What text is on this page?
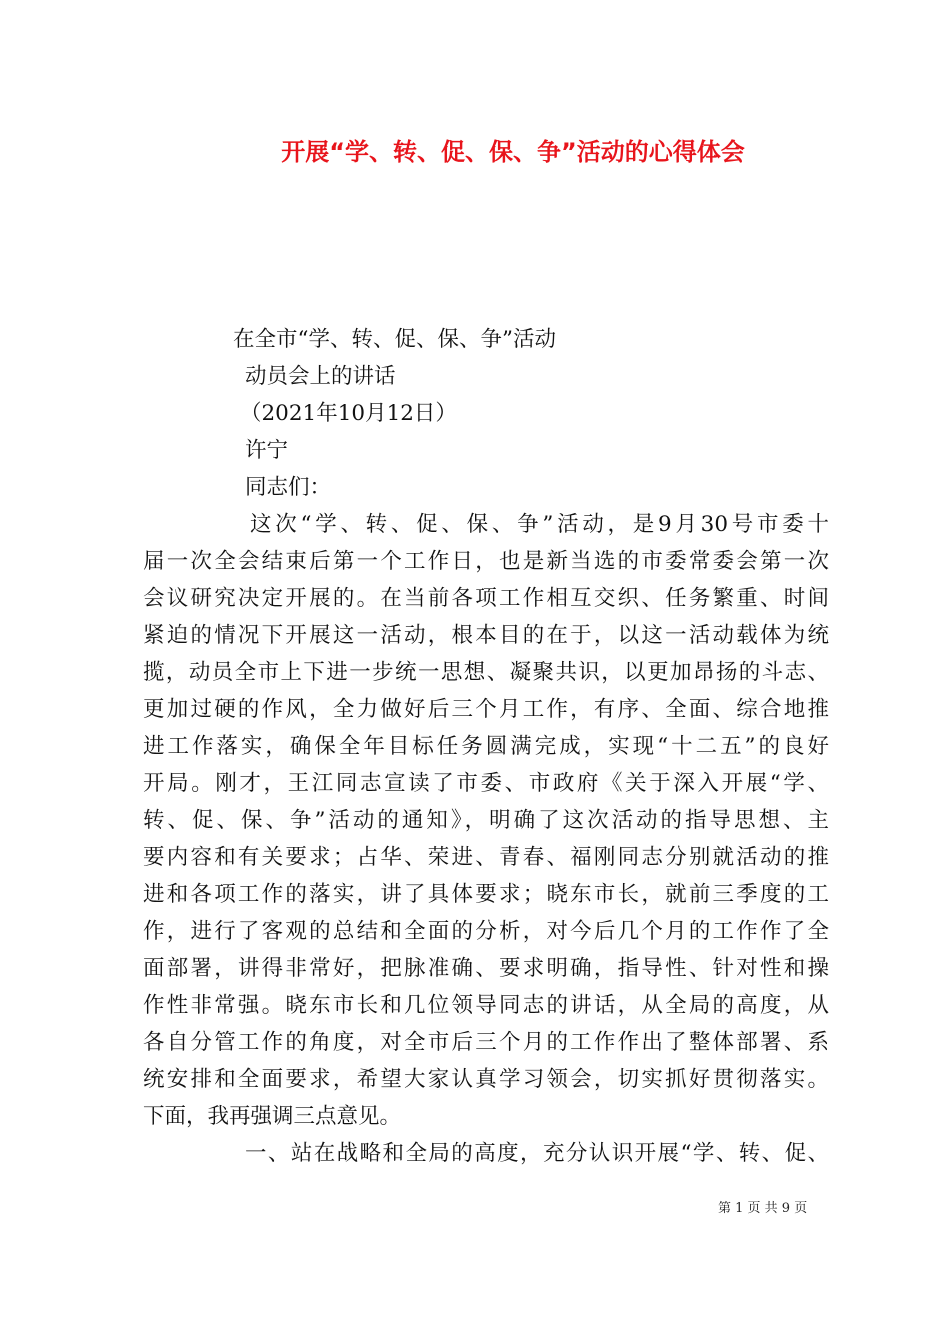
开展“学、转、促、保、争”活动的心得体会
在全市“学、转、促、保、争”活动
动员会上的讲话
（2021年10月12日）
许宁
同志们：
这次“学、转、促、保、争”活动，是9月30号市委十
届一次全会结束后第一个工作日，也是新当选的市委常委会第一次
会议研究决定开展的。在当前各项工作相互交织、任务繁重、时间
紧迫的情况下开展这一活动，根本目的在于，以这一活动载体为统
揽，动员全市上下进一步统一思想、凝聚共识，以更加昂扬的斗志、
更加过硬的作风，全力做好后三个月工作，有序、全面、综合地推
进工作落实，确保全年目标任务圆满完成，实现“十二五”的良好
开局。刚才，王江同志宣读了市委、市政府《关于深入开展“学、
转、促、保、争”活动的通知》，明确了这次活动的指导思想、主
要内容和有关要求；占华、荣进、青春、福刚同志分别就活动的推
进和各项工作的落实，讲了具体要求；晓东市长，就前三季度的工
作，进行了客观的总结和全面的分析，对今后几个月的工作作了全
面部署，讲得非常好，把脉准确、要求明确，指导性、针对性和操
作性非常强。晓东市长和几位领导同志的讲话，从全局的高度，从
各自分管工作的角度，对全市后三个月的工作作出了整体部署、系
统安排和全面要求，希望大家认真学习领会，切实抓好贯彻落实。
下面，我再强调三点意见。
一、站在战略和全局的高度，充分认识开展“学、转、促、
第 1 页 共 9 页
